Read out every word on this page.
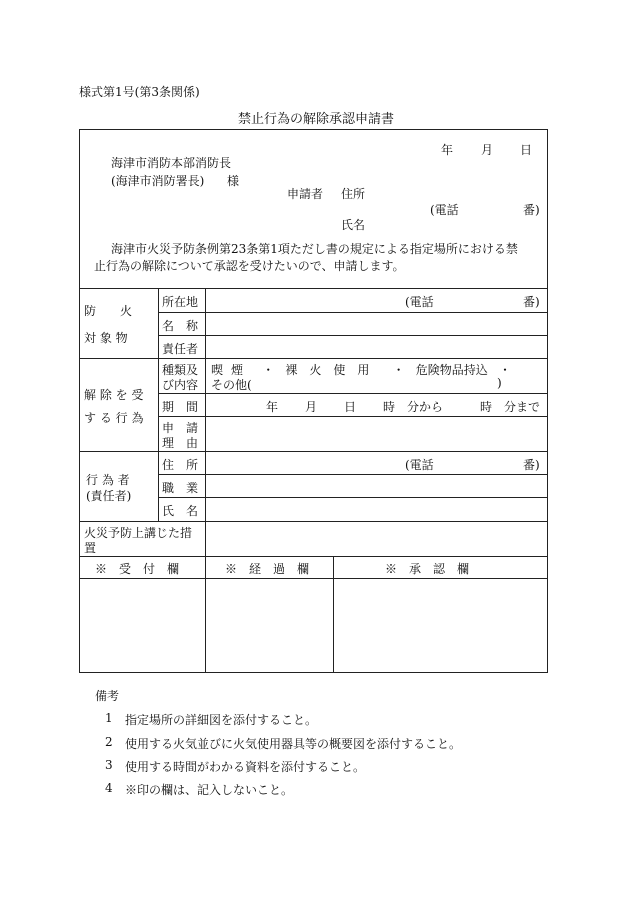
様式第1号(第3条関係)
禁止行為の解除承認申請書
年 月 日
海津市消防本部消防長
(海津市消防署長) 様
申請者 住所
(電話	番)
氏名
海津市火災予防条例第23条第1項ただし書の規定による指定場所における禁
止行為の解除について承認を受けたいので、申請します。
防　　火
対 象 物
所在地	(電話	番)
名　称
責任者
解 除 を 受
す る 行 為
種類及
び内容
喫煙 ・ 裸火使用 ・ 危険物品持込 ・
その他(	)
期　間	年 月 日 時　分から	時　分まで
申　請
理　由
行 為 者
(責任者)
住　所	(電話	番)
職　業
氏　名
火災予防上講じた措
置
※　受　付　欄	※　経　過　欄	※　承　認　欄
備考
1 指定場所の詳細図を添付すること。
2 使用する火気並びに火気使用器具等の概要図を添付すること。
3 使用する時間がわかる資料を添付すること。
4 ※印の欄は、記入しないこと。
